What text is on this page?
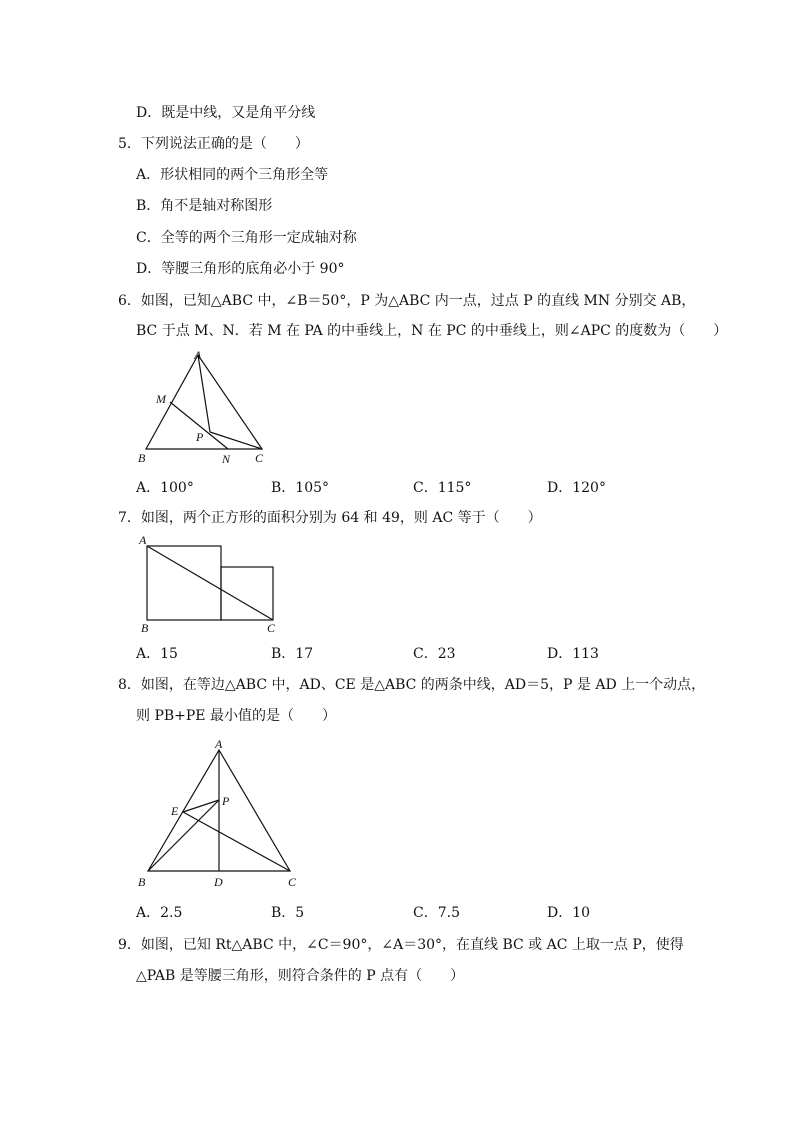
D．既是中线，又是角平分线
5．下列说法正确的是（　　）
A．形状相同的两个三角形全等
B．角不是轴对称图形
C．全等的两个三角形一定成轴对称
D．等腰三角形的底角必小于 90°
6．如图，已知△ABC 中，∠B＝50°，P 为△ABC 内一点，过点 P 的直线 MN 分别交 AB，
BC 于点 M、N．若 M 在 PA 的中垂线上，N 在 PC 的中垂线上，则∠APC 的度数为（　　）
A
M
P
B	N C
A．100°	B．105°	C．115°	D．120°
7．如图，两个正方形的面积分别为 64 和 49，则 AC 等于（　　）
A
B	C
A．15	B．17	C．23	D．113
8．如图，在等边△ABC 中，AD、CE 是△ABC 的两条中线，AD＝5，P 是 AD 上一个动点，
则 PB+PE 最小值的是（　　）
A
E
P
B	D	C
A．2.5	B．5	C．7.5	D．10
9．如图，已知 Rt△ABC 中，∠C＝90°，∠A＝30°，在直线 BC 或 AC 上取一点 P，使得
△PAB 是等腰三角形，则符合条件的 P 点有（　　）
